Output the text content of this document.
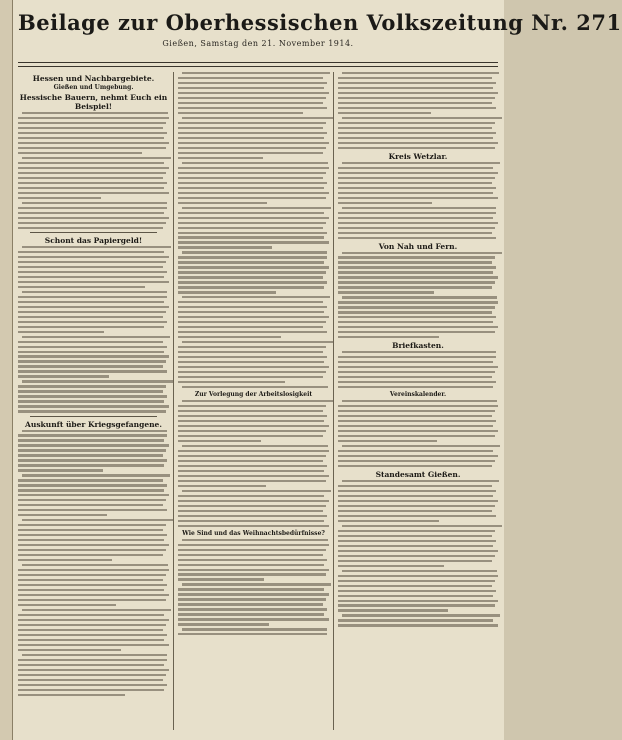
Beilage zur Oberhessischen Volkszeitung Nr. 271
Gießen, Samstag den 21. November 1914.
Hessen und Nachbargebiete.
Gießen und Umgebung.
Hessische Bauern, nehmt Euch ein Beispiel!
Schont das Papiergeld!
Auskunft über Kriegsgefangene.
Zur Vorlegung der Arbeitslosigkeit
Wie Sind und das Weihnachtsbedürfnisse?
Kreis Wetzlar.
Von Nah und Fern.
Briefkasten.
Vereinskalender.
Standesamt Gießen.
